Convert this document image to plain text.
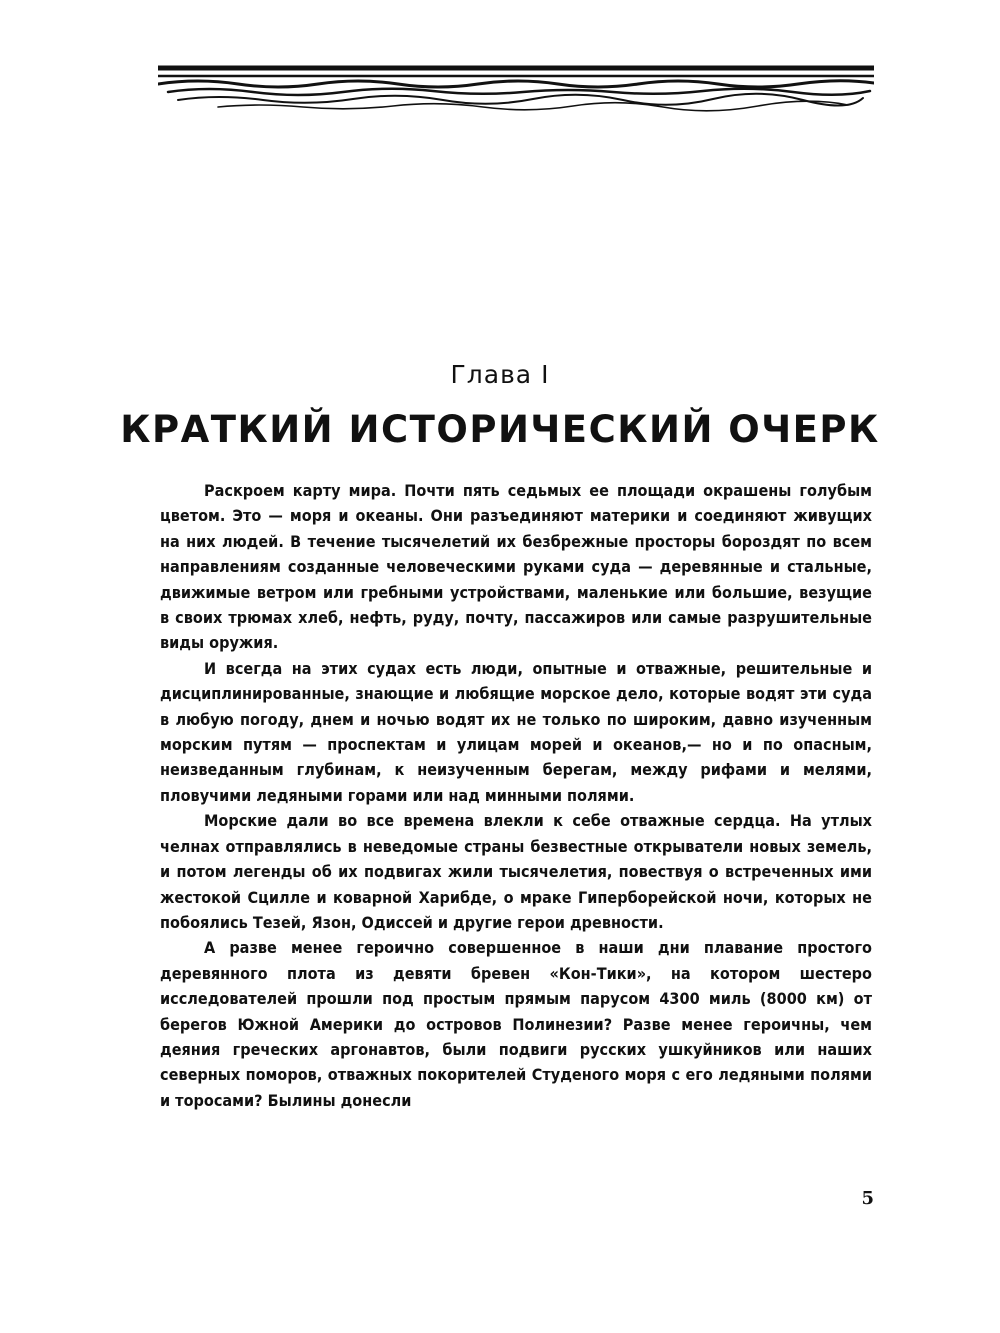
Глава I
КРАТКИЙ ИСТОРИЧЕСКИЙ ОЧЕРК

Раскроем карту мира. Почти пять седьмых ее площади окрашены голубым цветом. Это — моря и океаны. Они разъединяют материки и соединяют живущих на них людей. В течение тысячелетий их безбрежные просторы бороздят по всем направлениям созданные человеческими руками суда — деревянные и стальные, движимые ветром или гребными устройствами, маленькие или большие, везущие в своих трюмах хлеб, нефть, руду, почту, пассажиров или самые разрушительные виды оружия.

И всегда на этих судах есть люди, опытные и отважные, решительные и дисциплинированные, знающие и любящие морское дело, которые водят эти суда в любую погоду, днем и ночью водят их не только по широким, давно изученным морским путям — проспектам и улицам морей и океанов,— но и по опасным, неизведанным глубинам, к неизученным берегам, между рифами и мелями, пловучими ледяными горами или над минными полями.

Морские дали во все времена влекли к себе отважные сердца. На утлых челнах отправлялись в неведомые страны безвестные открыватели новых земель, и потом легенды об их подвигах жили тысячелетия, повествуя о встреченных ими жестокой Сцилле и коварной Харибде, о мраке Гиперборейской ночи, которых не побоялись Тезей, Язон, Одиссей и другие герои древности.

А разве менее героично совершенное в наши дни плавание простого деревянного плота из девяти бревен «Кон-Тики», на котором шестеро исследователей прошли под простым прямым парусом 4300 миль (8000 км) от берегов Южной Америки до островов Полинезии? Разве менее героичны, чем деяния греческих аргонавтов, были подвиги русских ушкуйников или наших северных поморов, отважных покорителей Студеного моря с его ледяными полями и торосами? Былины донесли

5
